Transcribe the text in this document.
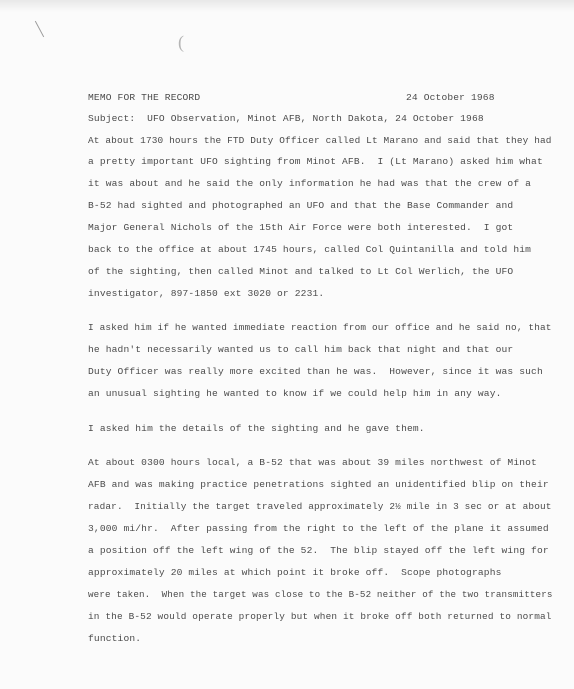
(
MEMO FOR THE RECORD	24 October 1968
Subject:  UFO Observation, Minot AFB, North Dakota, 24 October 1968
At about 1730 hours the FTD Duty Officer called Lt Marano and said that they had
a pretty important UFO sighting from Minot AFB.  I (Lt Marano) asked him what
it was about and he said the only information he had was that the crew of a
B-52 had sighted and photographed an UFO and that the Base Commander and
Major General Nichols of the 15th Air Force were both interested.  I got
back to the office at about 1745 hours, called Col Quintanilla and told him
of the sighting, then called Minot and talked to Lt Col Werlich, the UFO
investigator, 897-1850 ext 3020 or 2231.
I asked him if he wanted immediate reaction from our office and he said no, that
he hadn't necessarily wanted us to call him back that night and that our
Duty Officer was really more excited than he was.  However, since it was such
an unusual sighting he wanted to know if we could help him in any way.
I asked him the details of the sighting and he gave them.
At about 0300 hours local, a B-52 that was about 39 miles northwest of Minot
AFB and was making practice penetrations sighted an unidentified blip on their
radar.  Initially the target traveled approximately 2½ mile in 3 sec or at about
3,000 mi/hr.  After passing from the right to the left of the plane it assumed
a position off the left wing of the 52.  The blip stayed off the left wing for
approximately 20 miles at which point it broke off.  Scope photographs
were taken.  When the target was close to the B-52 neither of the two transmitters
in the B-52 would operate properly but when it broke off both returned to normal
function.
